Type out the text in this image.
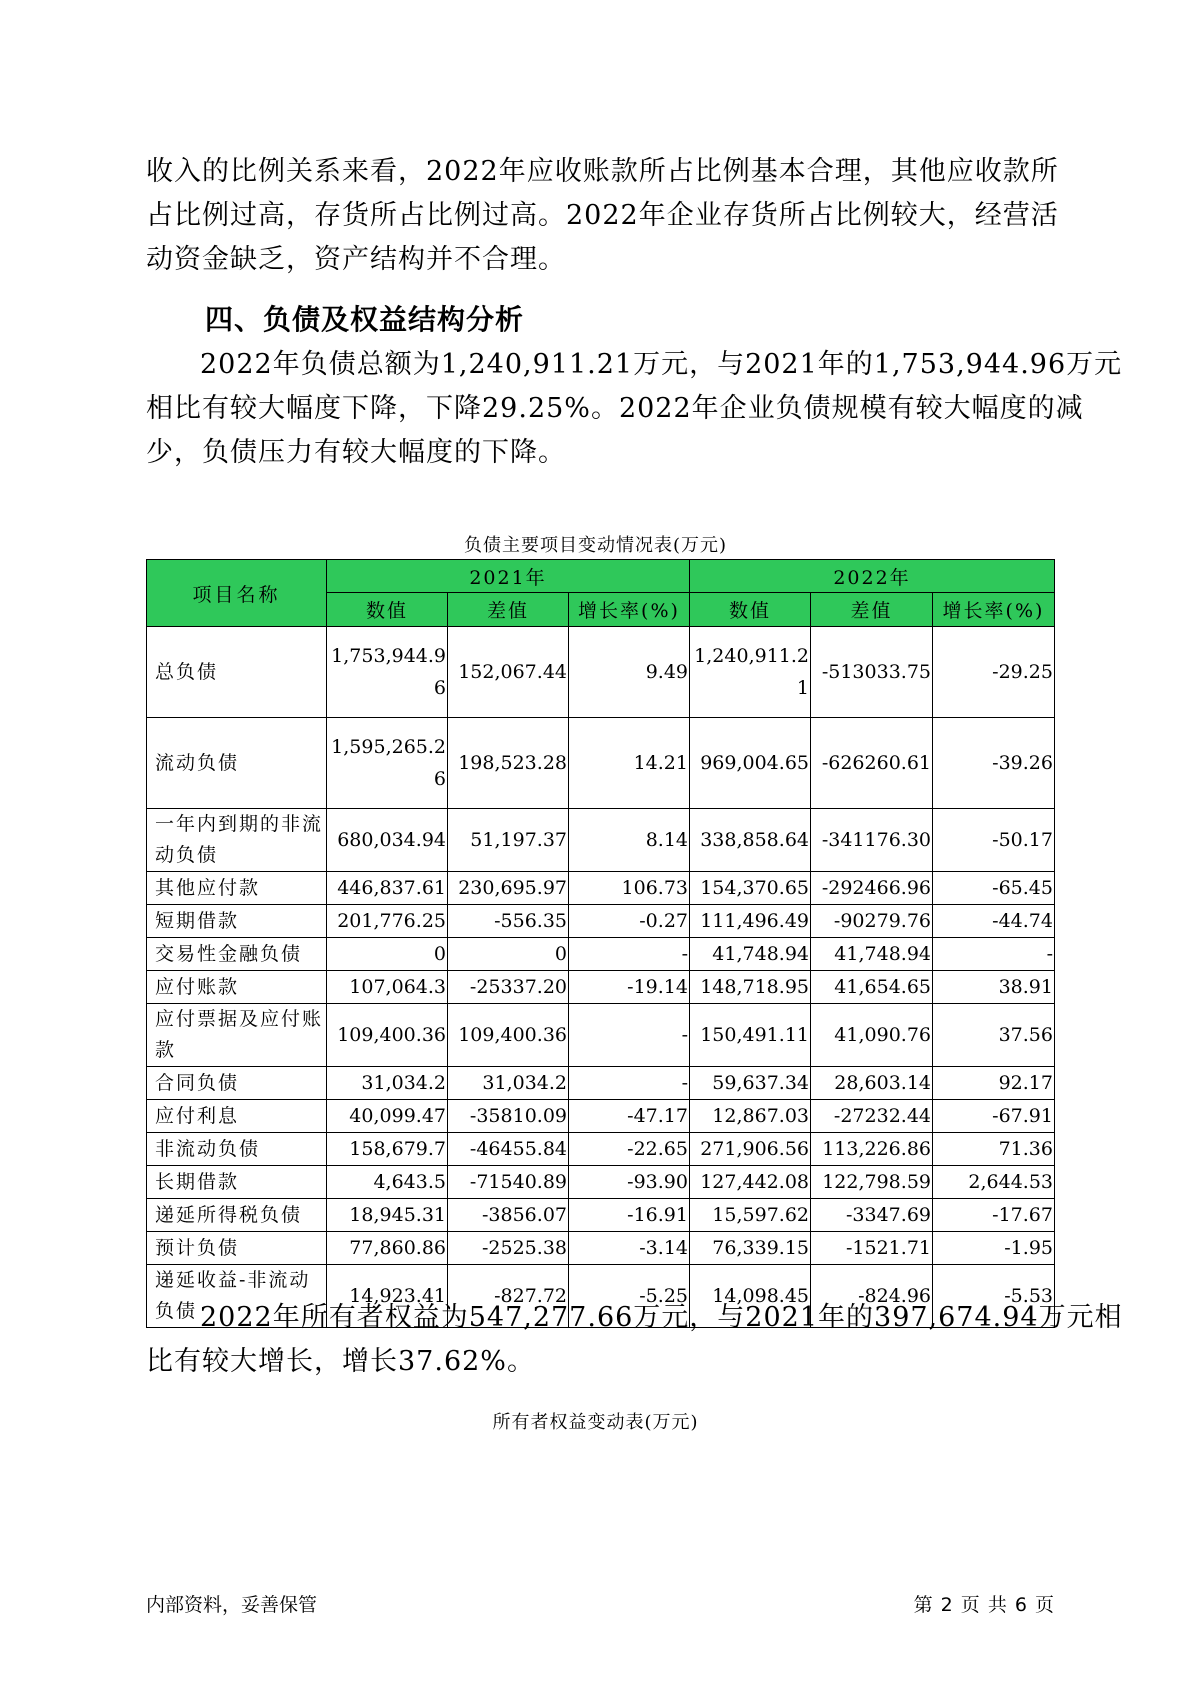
收入的比例关系来看，2022年应收账款所占比例基本合理，其他应收款所
占比例过高，存货所占比例过高。2022年企业存货所占比例较大，经营活
动资金缺乏，资产结构并不合理。
四、负债及权益结构分析
2022年负债总额为1,240,911.21万元，与2021年的1,753,944.96万元
相比有较大幅度下降，下降29.25%。2022年企业负债规模有较大幅度的减
少，负债压力有较大幅度的下降。
负债主要项目变动情况表(万元)
项目名称	2021年			2022年		
	数值	差值	增长率(%)	数值	差值	增长率(%)
总负债	1,753,944.96	152,067.44	9.49	1,240,911.21	-513033.75	-29.25
流动负债	1,595,265.26	198,523.28	14.21	969,004.65	-626260.61	-39.26
一年内到期的非流动负债	680,034.94	51,197.37	8.14	338,858.64	-341176.30	-50.17
其他应付款	446,837.61	230,695.97	106.73	154,370.65	-292466.96	-65.45
短期借款	201,776.25	-556.35	-0.27	111,496.49	-90279.76	-44.74
交易性金融负债	0	0	-	41,748.94	41,748.94	-
应付账款	107,064.3	-25337.20	-19.14	148,718.95	41,654.65	38.91
应付票据及应付账款	109,400.36	109,400.36	-	150,491.11	41,090.76	37.56
合同负债	31,034.2	31,034.2	-	59,637.34	28,603.14	92.17
应付利息	40,099.47	-35810.09	-47.17	12,867.03	-27232.44	-67.91
非流动负债	158,679.7	-46455.84	-22.65	271,906.56	113,226.86	71.36
长期借款	4,643.5	-71540.89	-93.90	127,442.08	122,798.59	2,644.53
递延所得税负债	18,945.31	-3856.07	-16.91	15,597.62	-3347.69	-17.67
预计负债	77,860.86	-2525.38	-3.14	76,339.15	-1521.71	-1.95
递延收益-非流动负债	14,923.41	-827.72	-5.25	14,098.45	-824.96	-5.53
2022年所有者权益为547,277.66万元，与2021年的397,674.94万元相
比有较大增长，增长37.62%。
所有者权益变动表(万元)
内部资料，妥善保管	第 2 页 共 6 页
